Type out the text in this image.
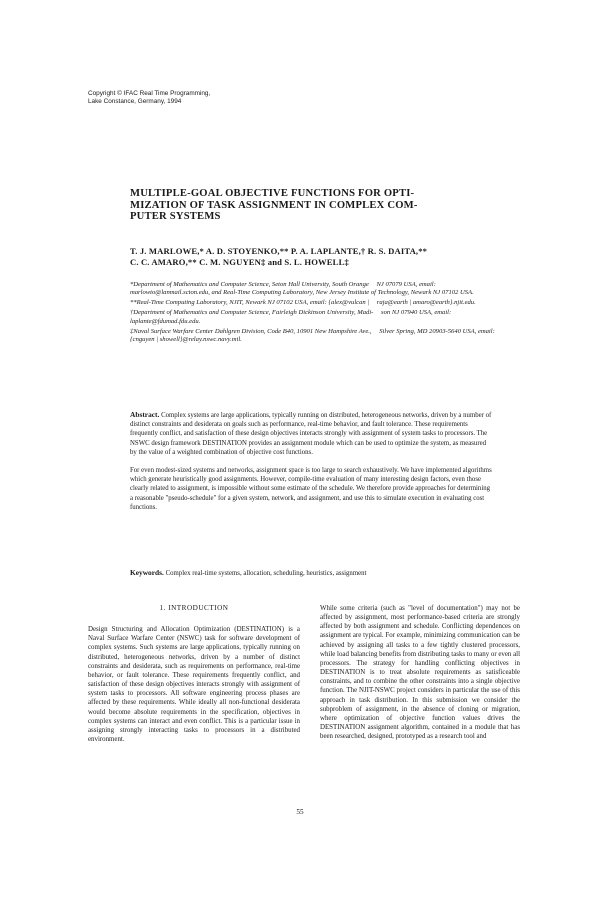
Copyright © IFAC Real Time Programming,
Lake Constance, Germany, 1994
MULTIPLE-GOAL OBJECTIVE FUNCTIONS FOR OPTI-
MIZATION OF TASK ASSIGNMENT IN COMPLEX COM-
PUTER SYSTEMS
T. J. MARLOWE,* A. D. STOYENKO,** P. A. LAPLANTE,† R. S. DAITA,**
C. C. AMARO,** C. M. NGUYEN‡ and S. L. HOWELL‡

*Department of Mathematics and Computer Science, Seton Hall University, South Orange NJ 07079 USA, email: marlowto@lanmail.scton.edu, and Real-Time Computing Laboratory, New Jersey Institute of Technology, Newark NJ 07102 USA.

**Real-Time Computing Laboratory, NJIT, Newark NJ 07102 USA, email: {alex@vulcan | raja@earth | amaro@earth}.njit.edu.

†Department of Mathematics and Computer Science, Fairleigh Dickinson University, Madi- son NJ 07940 USA, email: laplante@fdumad.fdu.edu.

‡Naval Surface Warfare Center Dahlgren Division, Code B40, 10901 New Hampshire Ave., Silver Spring, MD 20903-5640 USA, email: {cnguyen | showell}@relay.nswc.navy.mil.

Abstract. Complex systems are large applications, typically running on distributed, heterogeneous networks, driven by a number of distinct constraints and desiderata on goals such as performance, real-time behavior, and fault tolerance. These requirements frequently conflict, and satisfaction of these design objectives interacts strongly with assignment of system tasks to processors. The NSWC design framework DESTINATION provides an assignment module which can be used to optimize the system, as measured by the value of a weighted combination of objective cost functions.

For even modest-sized systems and networks, assignment space is too large to search exhaustively. We have implemented algorithms which generate heuristically good assignments. However, compile-time evaluation of many interesting design factors, even those clearly related to assignment, is impossible without some estimate of the schedule. We therefore provide approaches for determining a reasonable "pseudo-schedule" for a given system, network, and assignment, and use this to simulate execution in evaluating cost functions.

Keywords. Complex real-time systems, allocation, scheduling, heuristics, assignment
1. INTRODUCTION

Design Structuring and Allocation Optimization (DESTINATION) is a Naval Surface Warfare Center (NSWC) task for software development of complex systems. Such systems are large applications, typically running on distributed, heterogeneous networks, driven by a number of distinct constraints and desiderata, such as requirements on performance, real-time behavior, or fault tolerance. These requirements frequently conflict, and satisfaction of these design objectives interacts strongly with assignment of system tasks to processors. All software engineering process phases are affected by these requirements. While ideally all non-functional desiderata would become absolute requirements in the specification, objectives in complex systems can interact and even conflict. This is a particular issue in assigning strongly interacting tasks to processors in a distributed environment.

While some criteria (such as "level of documentation") may not be affected by assignment, most performance-based criteria are strongly affected by both assignment and schedule. Conflicting dependences on assignment are typical. For example, minimizing communication can be achieved by assigning all tasks to a few tightly clustered processors, while load balancing benefits from distributing tasks to many or even all processors. The strategy for handling conflicting objectives in DESTINATION is to treat absolute requirements as satisficeable constraints, and to combine the other constraints into a single objective function. The NJIT-NSWC project considers in particular the use of this approach in task distribution. In this submission we consider the subproblem of assignment, in the absence of cloning or migration, where optimization of objective function values drives the DESTINATION assignment algorithm, contained in a module that has been researched, designed, prototyped as a research tool and

55
